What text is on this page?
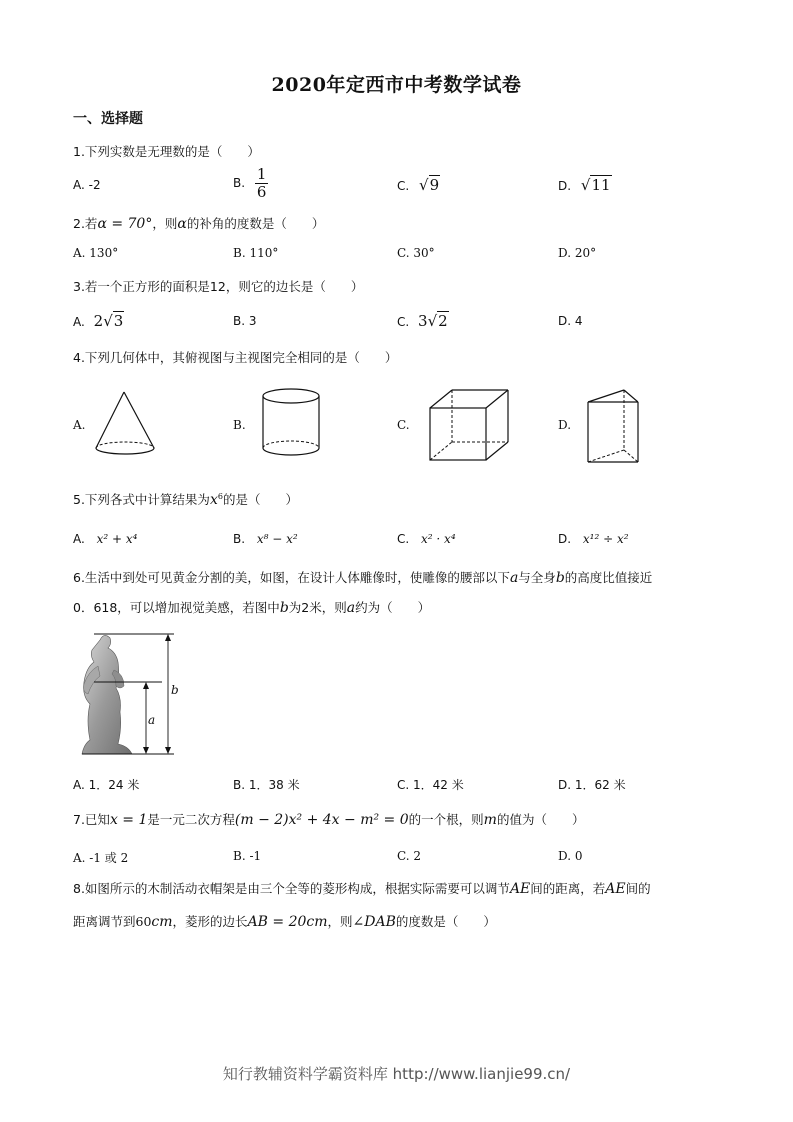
2020年定西市中考数学试卷
一、选择题
1.下列实数是无理数的是（　　）
A. -2	B. $\frac{1}{6}$	C. √9	D. √11
2.若α = 70°，则α的补角的度数是（　　）
A. 130°	B. 110°	C. 30°	D. 20°
3.若一个正方形的面积是12，则它的边长是（　　）
A. 2√3	B. 3	C. 3√2	D. 4
4.下列几何体中，其俯视图与主视图完全相同的是（　　）
A.	B.	C.	D.
5.下列各式中计算结果为$x^6$的是（　　）
A. x² + x⁴	B. x⁸ − x²	C. x² · x⁴	D. x¹² ÷ x²
6.生活中到处可见黄金分割的美，如图，在设计人体雕像时，使雕像的腰部以下a与全身b的高度比值接近
0．618，可以增加视觉美感，若图中b为2米，则a约为（　　）
b
a
A. 1．24 米	B. 1．38 米	C. 1．42 米	D. 1．62 米
7.已知x = 1是一元二次方程(m − 2)x² + 4x − m² = 0的一个根，则m的值为（　　）
A. -1 或 2	B. -1	C. 2	D. 0
8.如图所示的木制活动衣帽架是由三个全等的菱形构成，根据实际需要可以调节AE间的距离，若AE间的
距离调节到60cm，菱形的边长AB = 20cm，则∠DAB的度数是（　　）
知行教辅资料学霸资料库 http://www.lianjie99.cn/
